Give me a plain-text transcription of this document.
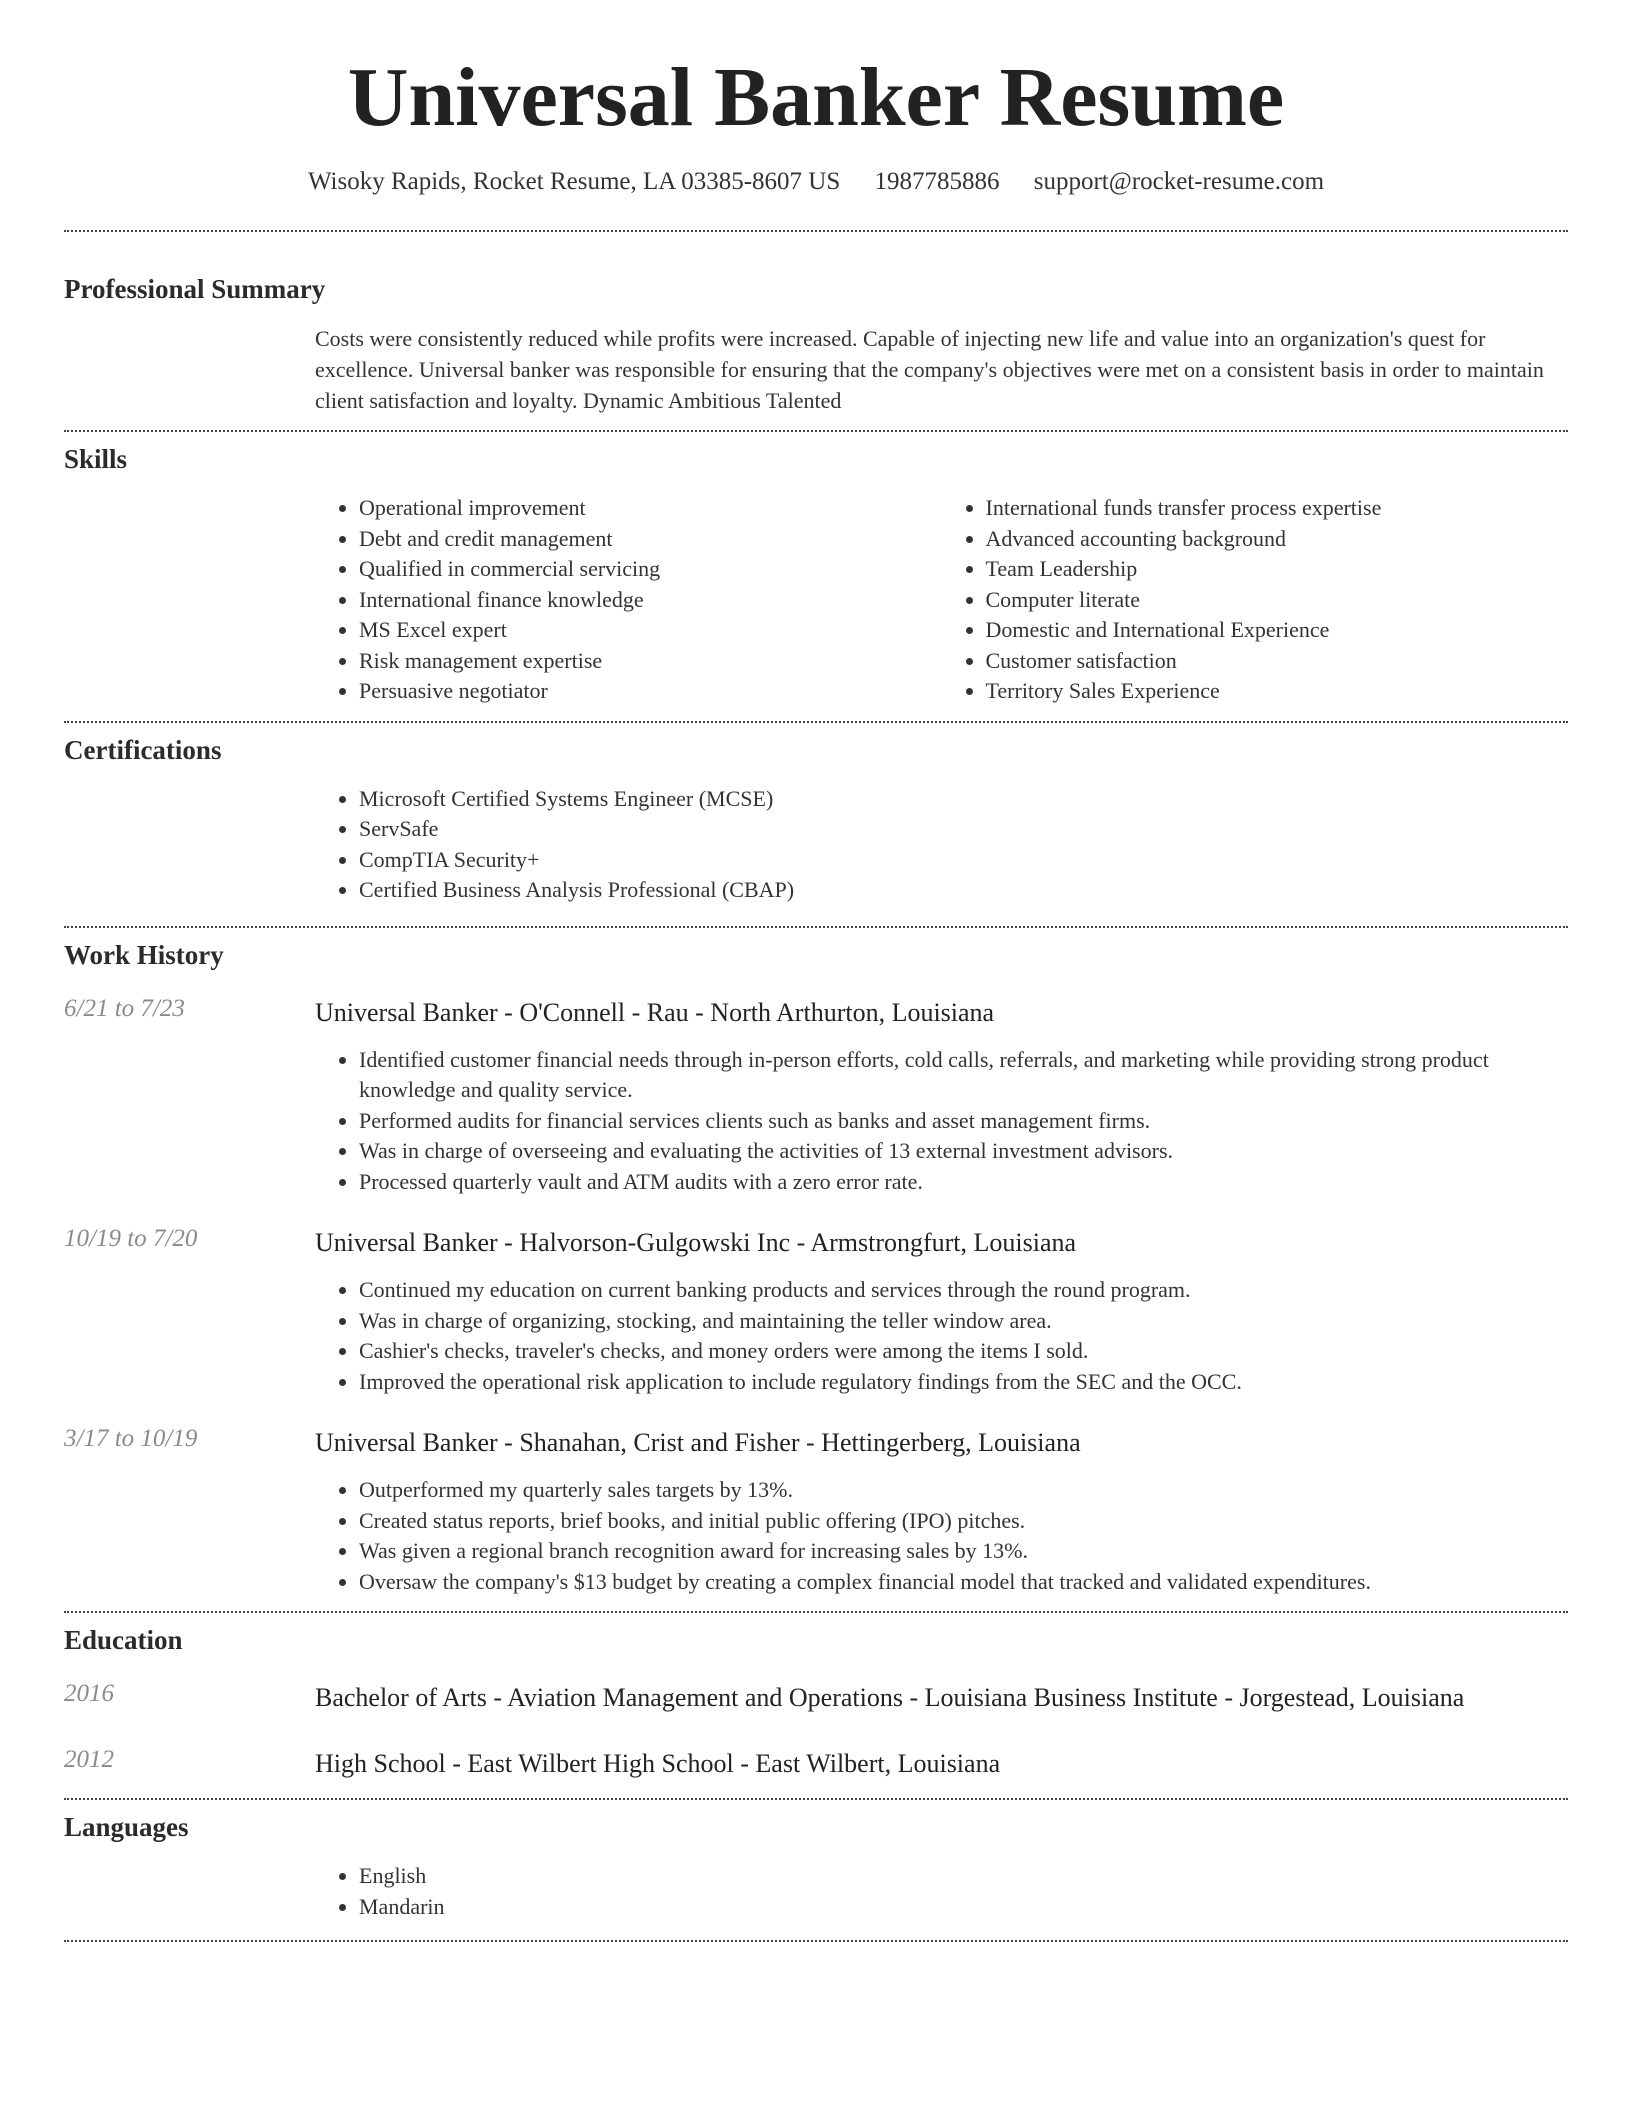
Universal Banker Resume
Wisoky Rapids, Rocket Resume, LA 03385-8607 US 1987785886 support@rocket-resume.com
Professional Summary
Costs were consistently reduced while profits were increased. Capable of injecting new life and value into an organization's quest for excellence. Universal banker was responsible for ensuring that the company's objectives were met on a consistent basis in order to maintain client satisfaction and loyalty. Dynamic Ambitious Talented
Skills
• Operational improvement
• Debt and credit management
• Qualified in commercial servicing
• International finance knowledge
• MS Excel expert
• Risk management expertise
• Persuasive negotiator
• International funds transfer process expertise
• Advanced accounting background
• Team Leadership
• Computer literate
• Domestic and International Experience
• Customer satisfaction
• Territory Sales Experience
Certifications
• Microsoft Certified Systems Engineer (MCSE)
• ServSafe
• CompTIA Security+
• Certified Business Analysis Professional (CBAP)
Work History
6/21 to 7/23	Universal Banker - O'Connell - Rau - North Arthurton, Louisiana
• Identified customer financial needs through in-person efforts, cold calls, referrals, and marketing while providing strong product knowledge and quality service.
• Performed audits for financial services clients such as banks and asset management firms.
• Was in charge of overseeing and evaluating the activities of 13 external investment advisors.
• Processed quarterly vault and ATM audits with a zero error rate.
10/19 to 7/20	Universal Banker - Halvorson-Gulgowski Inc - Armstrongfurt, Louisiana
• Continued my education on current banking products and services through the round program.
• Was in charge of organizing, stocking, and maintaining the teller window area.
• Cashier's checks, traveler's checks, and money orders were among the items I sold.
• Improved the operational risk application to include regulatory findings from the SEC and the OCC.
3/17 to 10/19	Universal Banker - Shanahan, Crist and Fisher - Hettingerberg, Louisiana
• Outperformed my quarterly sales targets by 13%.
• Created status reports, brief books, and initial public offering (IPO) pitches.
• Was given a regional branch recognition award for increasing sales by 13%.
• Oversaw the company's $13 budget by creating a complex financial model that tracked and validated expenditures.
Education
2016	Bachelor of Arts - Aviation Management and Operations - Louisiana Business Institute - Jorgestead, Louisiana
2012	High School - East Wilbert High School - East Wilbert, Louisiana
Languages
• English
• Mandarin
